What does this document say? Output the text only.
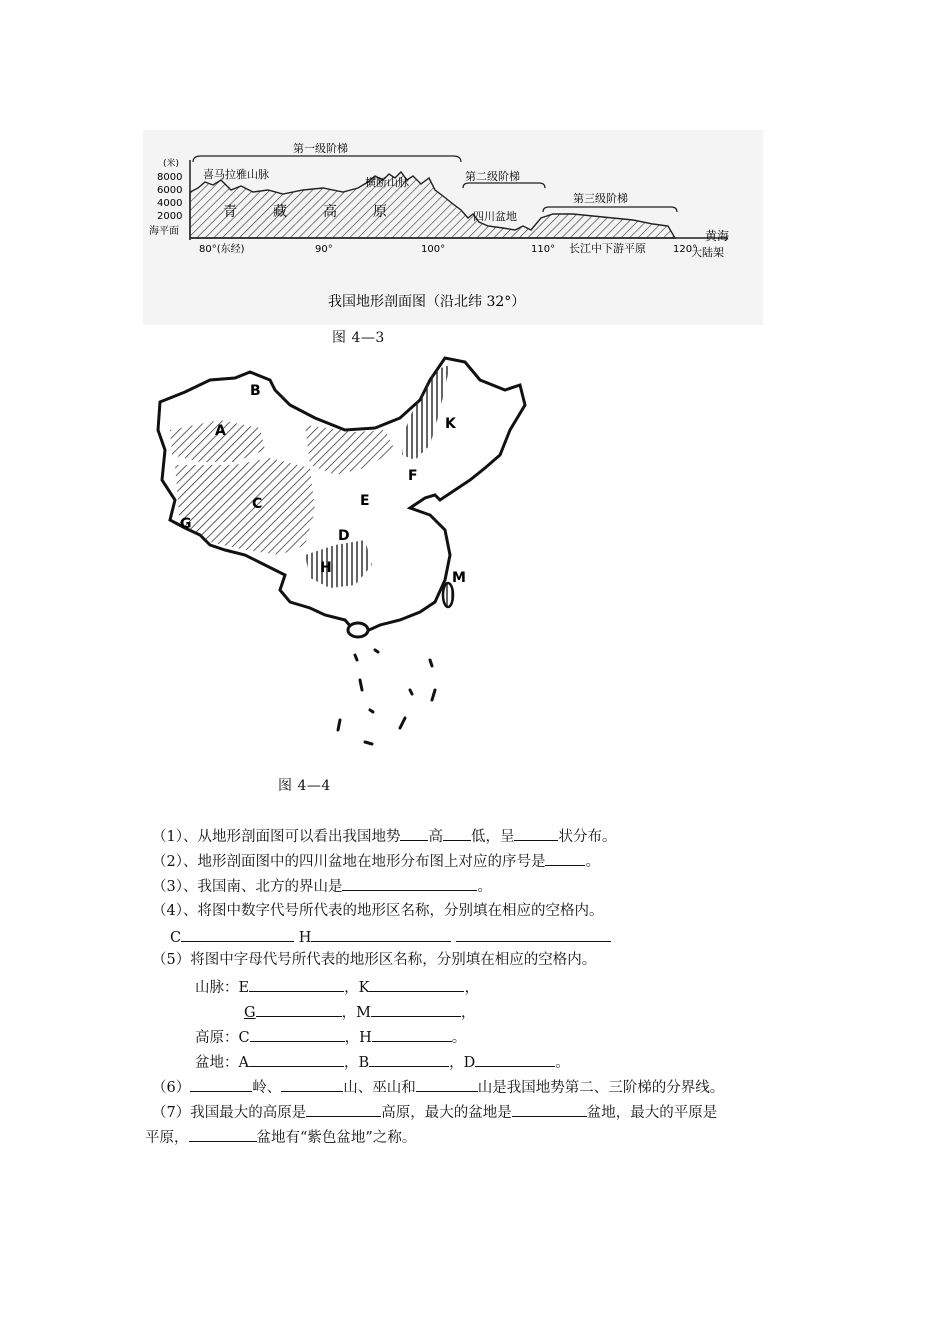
第一级阶梯
第二级阶梯
第三级阶梯
(米)
8000
6000
4000
2000
海平面
80°(东经)	90°	100°	110°	120°
喜马拉雅山脉
横断山脉
青	藏	高	原	四川盆地
长江中下游平原
黄海
大陆架
我国地形剖面图（沿北纬 32°）
图 4—3
B
A
C
G
E
F
K
D
H
M
图 4—4
（1）、从地形剖面图可以看出我国地势 高 低，呈	状分布。
（2）、地形剖面图中的四川盆地在地形分布图上对应的序号是	。
（3）、我国南、北方的界山是	。
（4）、将图中数字代号所代表的地形区名称，分别填在相应的空格内。
C	H
（5）将图中字母代号所代表的地形区名称，分别填在相应的空格内。
山脉：E	，K	，
G	，M	，
高原：C	，H	。
盆地：A	，B	，D	。
（6）	岭、	山、巫山和	山是我国地势第二、三阶梯的分界线。
（7）我国最大的高原是	高原，最大的盆地是	盆地，最大的平原是
平原，	盆地有“紫色盆地”之称。
